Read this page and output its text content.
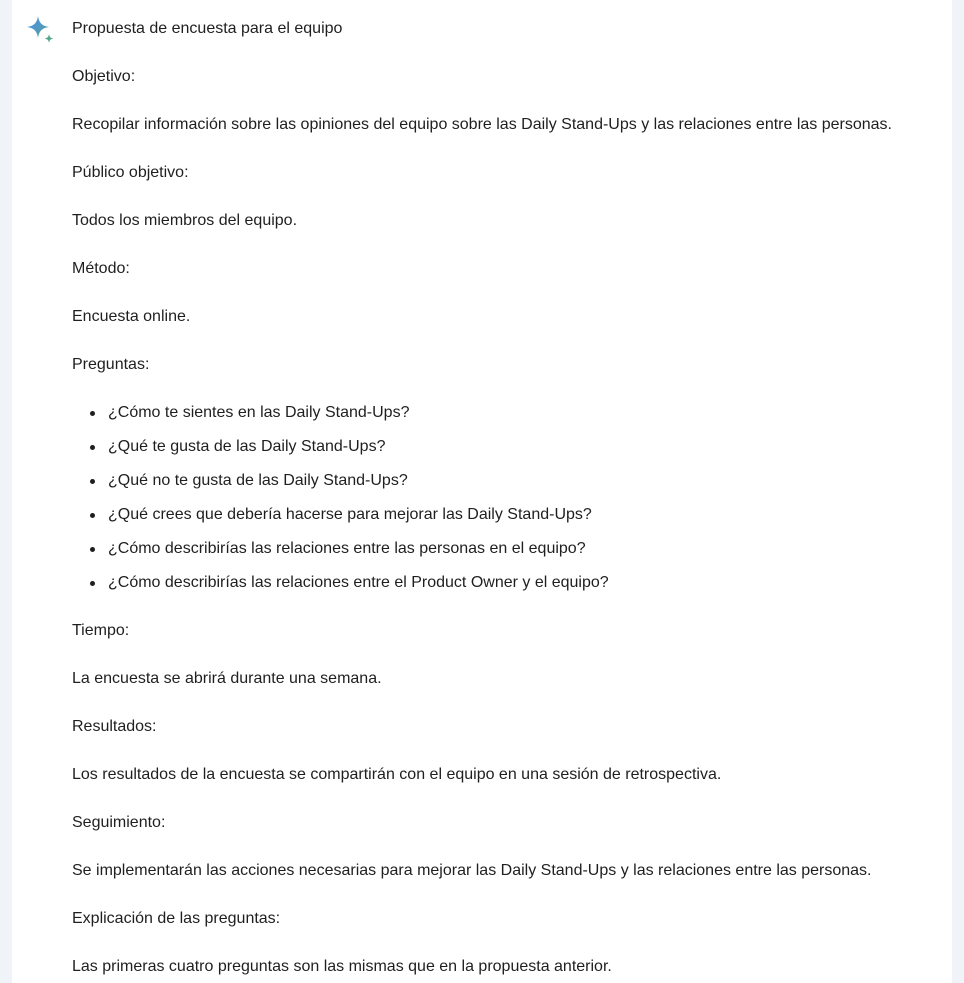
Propuesta de encuesta para el equipo
Objetivo:
Recopilar información sobre las opiniones del equipo sobre las Daily Stand-Ups y las relaciones entre las personas.
Público objetivo:
Todos los miembros del equipo.
Método:
Encuesta online.
Preguntas:
¿Cómo te sientes en las Daily Stand-Ups?
¿Qué te gusta de las Daily Stand-Ups?
¿Qué no te gusta de las Daily Stand-Ups?
¿Qué crees que debería hacerse para mejorar las Daily Stand-Ups?
¿Cómo describirías las relaciones entre las personas en el equipo?
¿Cómo describirías las relaciones entre el Product Owner y el equipo?
Tiempo:
La encuesta se abrirá durante una semana.
Resultados:
Los resultados de la encuesta se compartirán con el equipo en una sesión de retrospectiva.
Seguimiento:
Se implementarán las acciones necesarias para mejorar las Daily Stand-Ups y las relaciones entre las personas.
Explicación de las preguntas:
Las primeras cuatro preguntas son las mismas que en la propuesta anterior.
